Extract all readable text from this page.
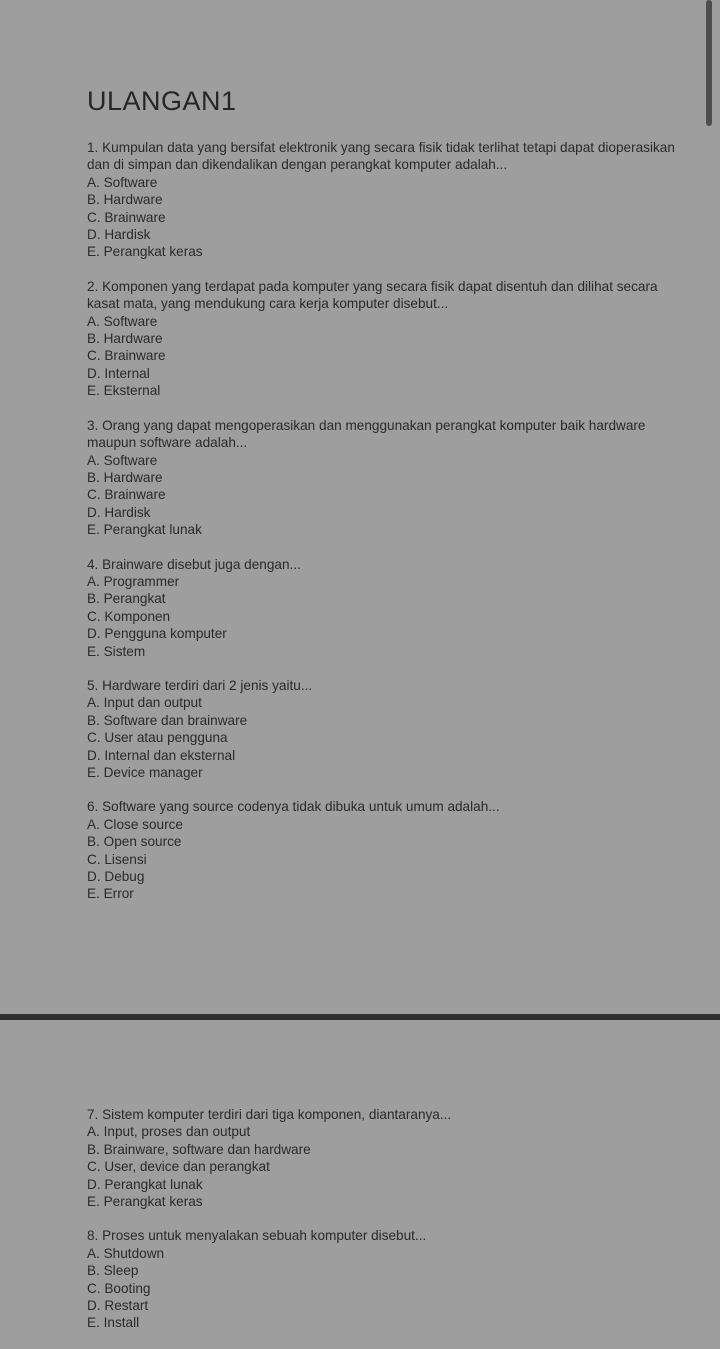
ULANGAN1

1. Kumpulan data yang bersifat elektronik yang secara fisik tidak terlihat tetapi dapat dioperasikan dan di simpan dan dikendalikan dengan perangkat komputer adalah...

A. Software

B. Hardware

C. Brainware

D. Hardisk

E. Perangkat keras

2. Komponen yang terdapat pada komputer yang secara fisik dapat disentuh dan dilihat secara kasat mata, yang mendukung cara kerja komputer disebut...

A. Software

B. Hardware

C. Brainware

D. Internal

E. Eksternal

3. Orang yang dapat mengoperasikan dan menggunakan perangkat komputer baik hardware maupun software adalah...

A. Software

B. Hardware

C. Brainware

D. Hardisk

E. Perangkat lunak

4. Brainware disebut juga dengan...

A. Programmer

B. Perangkat

C. Komponen

D. Pengguna komputer

E. Sistem

5. Hardware terdiri dari 2 jenis yaitu...

A. Input dan output

B. Software dan brainware

C. User atau pengguna

D. Internal dan eksternal

E. Device manager

6. Software yang source codenya tidak dibuka untuk umum adalah...

A. Close source

B. Open source

C. Lisensi

D. Debug

E. Error

7. Sistem komputer terdiri dari tiga komponen, diantaranya...

A. Input, proses dan output

B. Brainware, software dan hardware

C. User, device dan perangkat

D. Perangkat lunak

E. Perangkat keras

8. Proses untuk menyalakan sebuah komputer disebut...

A. Shutdown

B. Sleep

C. Booting

D. Restart

E. Install
